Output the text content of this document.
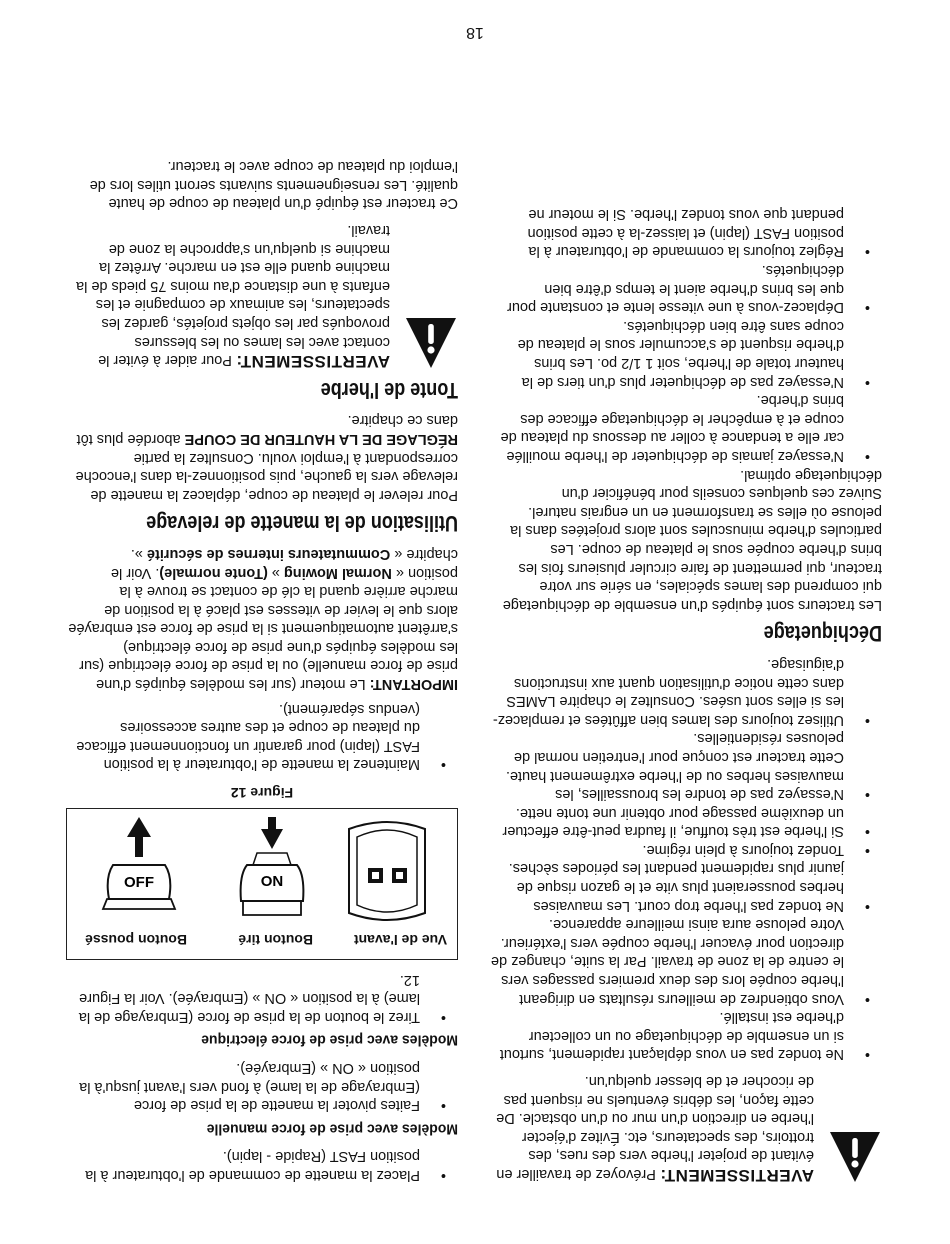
AVERTISSEMENT: Prévoyez de travailler en évitant de projeter l'herbe vers des rues, des trottoirs, des spectateurs, etc. Évitez d'éjecter l'herbe en direction d'un mur ou d'un obstacle. De cette façon, les débris éventuels ne risquent pas de ricocher et de blesser quelqu'un.

• Ne tondez pas en vous déplaçant rapidement, surtout si un ensemble de déchiquetage ou un collecteur d'herbe est installé.

• Vous obtiendrez de meilleurs résultats en dirigeant l'herbe coupée lors des deux premiers passages vers le centre de la zone de travail. Par la suite, changez de direction pour évacuer l'herbe coupée vers l'extérieur. Votre pelouse aura ainsi meilleure apparence.

• Ne tondez pas l'herbe trop court. Les mauvaises herbes pousseraient plus vite et le gazon risque de jaunir plus rapidement pendant les périodes sèches.

• Tondez toujours à plein régime.

• Si l'herbe est très touffue, il faudra peut-être effectuer un deuxième passage pour obtenir une tonte nette.

• N'essayez pas de tondre les broussailles, les mauvaises herbes ou de l'herbe extrêmement haute. Cette tracteur est conçue pour l'entretien normal de pelouses résidentielles.

• Utilisez toujours des lames bien affûtées et remplacez-les si elles sont usées. Consultez le chapitre LAMES dans cette notice d'utilisation quant aux instructions d'aiguisage.

Déchiquetage

Les tracteurs sont équipés d'un ensemble de déchiquetage qui comprend des lames spéciales, en série sur votre tracteur, qui permettent de faire circuler plusieurs fois les brins d'herbe coupée sous le plateau de coupe. Les particules d'herbe minuscules sont alors projetées dans la pelouse où elles se transforment en un engrais naturel. Suivez ces quelques conseils pour bénéficier d'un déchiquetage optimal.

• N'essayez jamais de déchiqueter de l'herbe mouillée car elle a tendance à coller au dessous du plateau de coupe et à empêcher le déchiquetage efficace des brins d'herbe.

• N'essayez pas de déchiqueter plus d'un tiers de la hauteur totale de l'herbe, soit 1 1/2 po. Les brins d'herbe risquent de s'accumuler sous le plateau de coupe sans être bien déchiquetés.

• Déplacez-vous à une vitesse lente et constante pour que les brins d'herbe aient le temps d'être bien déchiquetés.

• Réglez toujours la commande de l'obturateur à la position FAST (lapin) et laissez-la à cette position pendant que vous tondez l'herbe. Si le moteur ne

• Placez la manette de commande de l'obturateur à la position FAST (Rapide - lapin).

Modèles avec prise de force manuelle

• Faites pivoter la manette de la prise de force (Embrayage de la lame) à fond vers l'avant jusqu'à la position « ON » (Embrayée).

Modèles avec prise de force électrique

• Tirez le bouton de la prise de force (Embrayage de la lame) à la position « ON » (Embrayée). Voir la Figure 12.

Vue de l'avant
Bouton tiré
Bouton poussé
ON
OFF
Figure 12

• Maintenez la manette de l'obturateur à la position FAST (lapin) pour garantir un fonctionnement efficace du plateau de coupe et des autres accessoires (vendus séparément).

IMPORTANT: Le moteur (sur les modèles équipés d'une prise de force manuelle) ou la prise de force électrique (sur les modèles équipés d'une prise de force électrique) s'arrêtent automatiquement si la prise de force est embrayée alors que le levier de vitesses est placé à la position de marche arrière quand la clé de contact se trouve à la position « Normal Mowing » (Tonte normale). Voir le chapitre « Commutateurs internes de sécurité ».

Utilisation de la manette de relevage

Pour relever le plateau de coupe, déplacez la manette de relevage vers la gauche, puis positionnez-la dans l'encoche correspondant à l'emploi voulu. Consultez la partie RÉGLAGE DE LA HAUTEUR DE COUPE abordée plus tôt dans ce chapitre.

Tonte de l'herbe

AVERTISSEMENT: Pour aider à éviter le contact avec les lames ou les blessures provoqués par les objets projetés, gardez les spectateurs, les animaux de compagnie et les enfants à une distance d'au moins 75 pieds de la machine quand elle est en marche. Arrêtez la machine si quelqu'un s'approche la zone de travail.

Ce tracteur est équipé d'un plateau de coupe de haute qualité. Les renseignements suivants seront utiles lors de l'emploi du plateau de coupe avec le tracteur.

18
